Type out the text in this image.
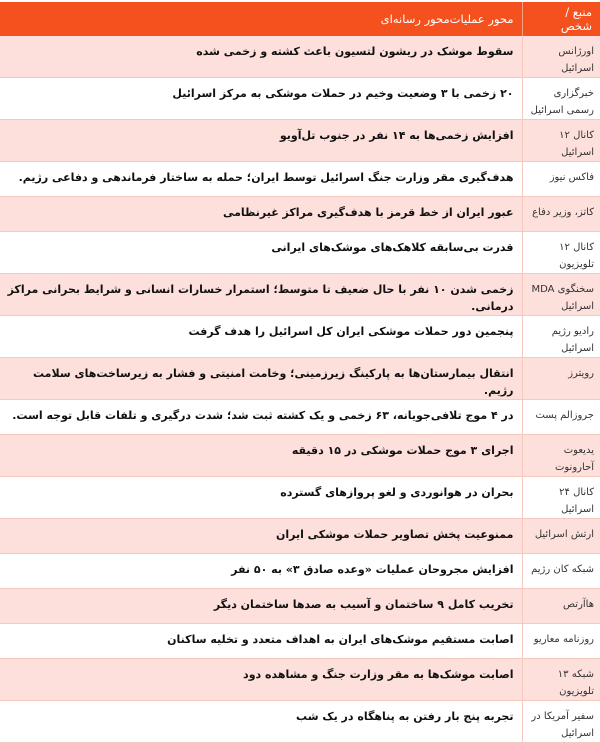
منبع / شخص	محور عملیات‌محور رسانه‌ای
اورژانس اسرائیل	سقوط موشک در ریشون لتسیون باعث کشته و زخمی شده
خبرگزاری رسمی اسرائیل	۲۰ زخمی با ۳ وضعیت وخیم در حملات موشکی به مرکز اسرائیل
کانال ۱۲ اسرائیل	افزایش زخمی‌ها به ۱۴ نفر در جنوب تل‌آویو
فاکس نیوز	هدف‌گیری مقر وزارت جنگ اسرائیل توسط ایران؛ حمله به ساختار فرماندهی و دفاعی رژیم.
کاتز، وزیر دفاع	عبور ایران از خط قرمز با هدف‌گیری مراکز غیرنظامی
کانال ۱۲ تلویزیون	قدرت بی‌سابقه کلاهک‌های موشک‌های ایرانی
سخنگوی MDA اسرائیل	زخمی شدن ۱۰ نفر با حال ضعیف تا متوسط؛ استمرار خسارات انسانی و شرایط بحرانی مراکز درمانی.
رادیو رژیم اسرائیل	پنجمین دور حملات موشکی ایران کل اسرائیل را هدف گرفت
رویترز	انتقال بیمارستان‌ها به پارکینگ زیرزمینی؛ وخامت امنیتی و فشار به زیرساخت‌های سلامت رژیم.
جروزالم پست	در ۴ موج تلافی‌جویانه، ۶۳ زخمی و یک کشته ثبت شد؛ شدت درگیری و تلفات قابل توجه است.
یدیعوت آحارونوت	اجرای ۳ موج حملات موشکی در ۱۵ دقیقه
کانال ۲۴ اسرائیل	بحران در هوانوردی و لغو پروازهای گسترده
ارتش اسرائیل	ممنوعیت پخش تصاویر حملات موشکی ایران
شبکه کان رژیم	افزایش مجروحان عملیات «وعده صادق ۳» به ۵۰ نفر
هاآرتص	تخریب کامل ۹ ساختمان و آسیب به صدها ساختمان دیگر
روزنامه معاریو	اصابت مستقیم موشک‌های ایران به اهداف متعدد و تخلیه ساکنان
شبکه ۱۳ تلویزیون	اصابت موشک‌ها به مقر وزارت جنگ و مشاهده دود
سفیر آمریکا در اسرائیل	تجربه پنج بار رفتن به پناهگاه در یک شب
